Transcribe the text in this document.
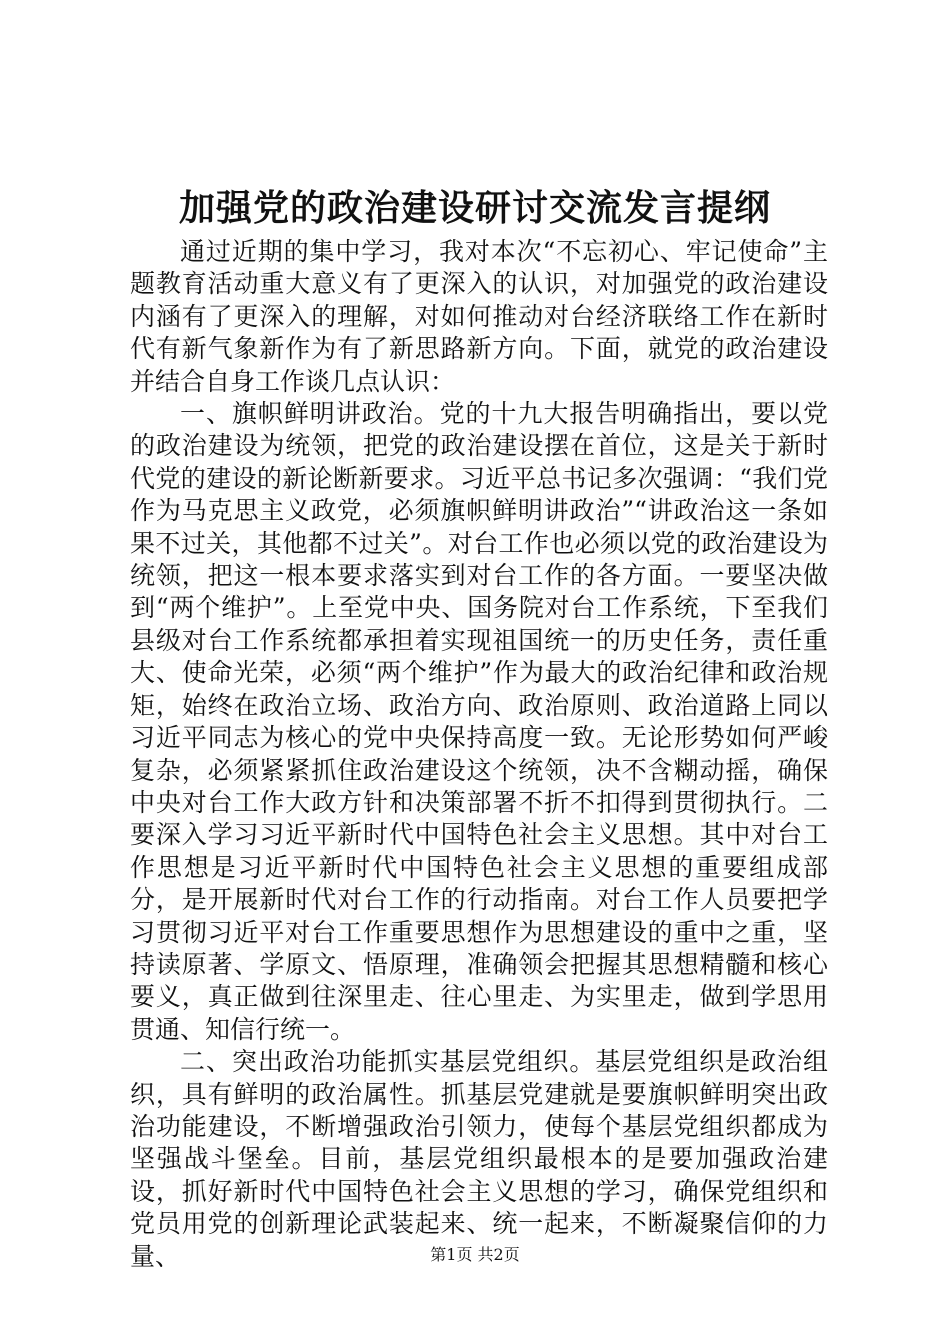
加强党的政治建设研讨交流发言提纲

通过近期的集中学习，我对本次“不忘初心、牢记使命”主题教育活动重大意义有了更深入的认识，对加强党的政治建设内涵有了更深入的理解，对如何推动对台经济联络工作在新时代有新气象新作为有了新思路新方向。下面，就党的政治建设并结合自身工作谈几点认识：

一、旗帜鲜明讲政治。党的十九大报告明确指出，要以党的政治建设为统领，把党的政治建设摆在首位，这是关于新时代党的建设的新论断新要求。习近平总书记多次强调：“我们党作为马克思主义政党，必须旗帜鲜明讲政治”“讲政治这一条如果不过关，其他都不过关”。对台工作也必须以党的政治建设为统领，把这一根本要求落实到对台工作的各方面。一要坚决做到“两个维护”。上至党中央、国务院对台工作系统，下至我们县级对台工作系统都承担着实现祖国统一的历史任务，责任重大、使命光荣，必须“两个维护”作为最大的政治纪律和政治规矩，始终在政治立场、政治方向、政治原则、政治道路上同以习近平同志为核心的党中央保持高度一致。无论形势如何严峻复杂，必须紧紧抓住政治建设这个统领，决不含糊动摇，确保中央对台工作大政方针和决策部署不折不扣得到贯彻执行。二要深入学习习近平新时代中国特色社会主义思想。其中对台工作思想是习近平新时代中国特色社会主义思想的重要组成部分，是开展新时代对台工作的行动指南。对台工作人员要把学习贯彻习近平对台工作重要思想作为思想建设的重中之重，坚持读原著、学原文、悟原理，准确领会把握其思想精髓和核心要义，真正做到往深里走、往心里走、为实里走，做到学思用贯通、知信行统一。

二、突出政治功能抓实基层党组织。基层党组织是政治组织，具有鲜明的政治属性。抓基层党建就是要旗帜鲜明突出政治功能建设，不断增强政治引领力，使每个基层党组织都成为坚强战斗堡垒。目前，基层党组织最根本的是要加强政治建设，抓好新时代中国特色社会主义思想的学习，确保党组织和党员用党的创新理论武装起来、统一起来，不断凝聚信仰的力量、	第1页 共2页
